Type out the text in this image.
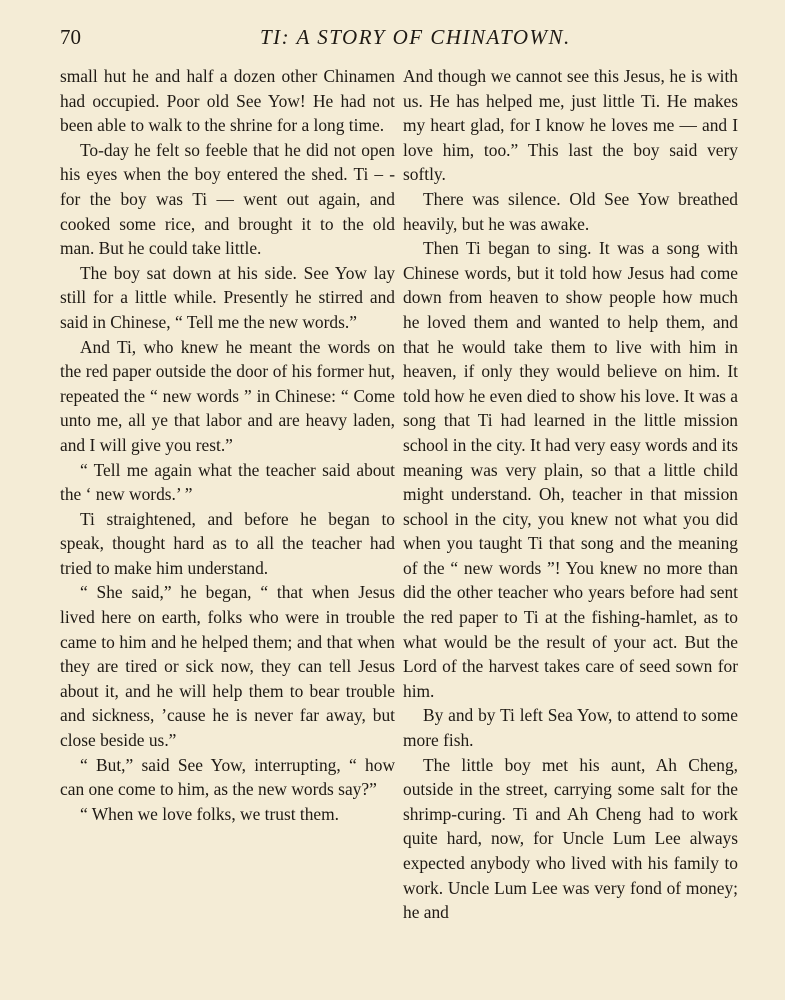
70	TI: A STORY OF CHINATOWN.

small hut he and half a dozen other Chinamen had occupied. Poor old See Yow! He had not been able to walk to the shrine for a long time.

To-day he felt so feeble that he did not open his eyes when the boy entered the shed. Ti – - for the boy was Ti — went out again, and cooked some rice, and brought it to the old man. But he could take little.

The boy sat down at his side. See Yow lay still for a little while. Presently he stirred and said in Chinese, “ Tell me the new words.”

And Ti, who knew he meant the words on the red paper outside the door of his former hut, repeated the “ new words ” in Chinese: “ Come unto me, all ye that labor and are heavy laden, and I will give you rest.”

“ Tell me again what the teacher said about the ‘ new words.’ ”

Ti straightened, and before he began to speak, thought hard as to all the teacher had tried to make him understand.

“ She said,” he began, “ that when Jesus lived here on earth, folks who were in trouble came to him and he helped them; and that when they are tired or sick now, they can tell Jesus about it, and he will help them to bear trouble and sickness, ’cause he is never far away, but close beside us.”

“ But,” said See Yow, interrupting, “ how can one come to him, as the new words say?”

“ When we love folks, we trust them.

And though we cannot see this Jesus, he is with us. He has helped me, just little Ti. He makes my heart glad, for I know he loves me — and I love him, too.” This last the boy said very softly.

There was silence. Old See Yow breathed heavily, but he was awake.

Then Ti began to sing. It was a song with Chinese words, but it told how Jesus had come down from heaven to show people how much he loved them and wanted to help them, and that he would take them to live with him in heaven, if only they would believe on him. It told how he even died to show his love. It was a song that Ti had learned in the little mission school in the city. It had very easy words and its meaning was very plain, so that a little child might understand. Oh, teacher in that mission school in the city, you knew not what you did when you taught Ti that song and the meaning of the “ new words ”! You knew no more than did the other teacher who years before had sent the red paper to Ti at the fishing-hamlet, as to what would be the result of your act. But the Lord of the harvest takes care of seed sown for him.

By and by Ti left Sea Yow, to attend to some more fish.

The little boy met his aunt, Ah Cheng, outside in the street, carrying some salt for the shrimp-curing. Ti and Ah Cheng had to work quite hard, now, for Uncle Lum Lee always expected anybody who lived with his family to work. Uncle Lum Lee was very fond of money; he and
